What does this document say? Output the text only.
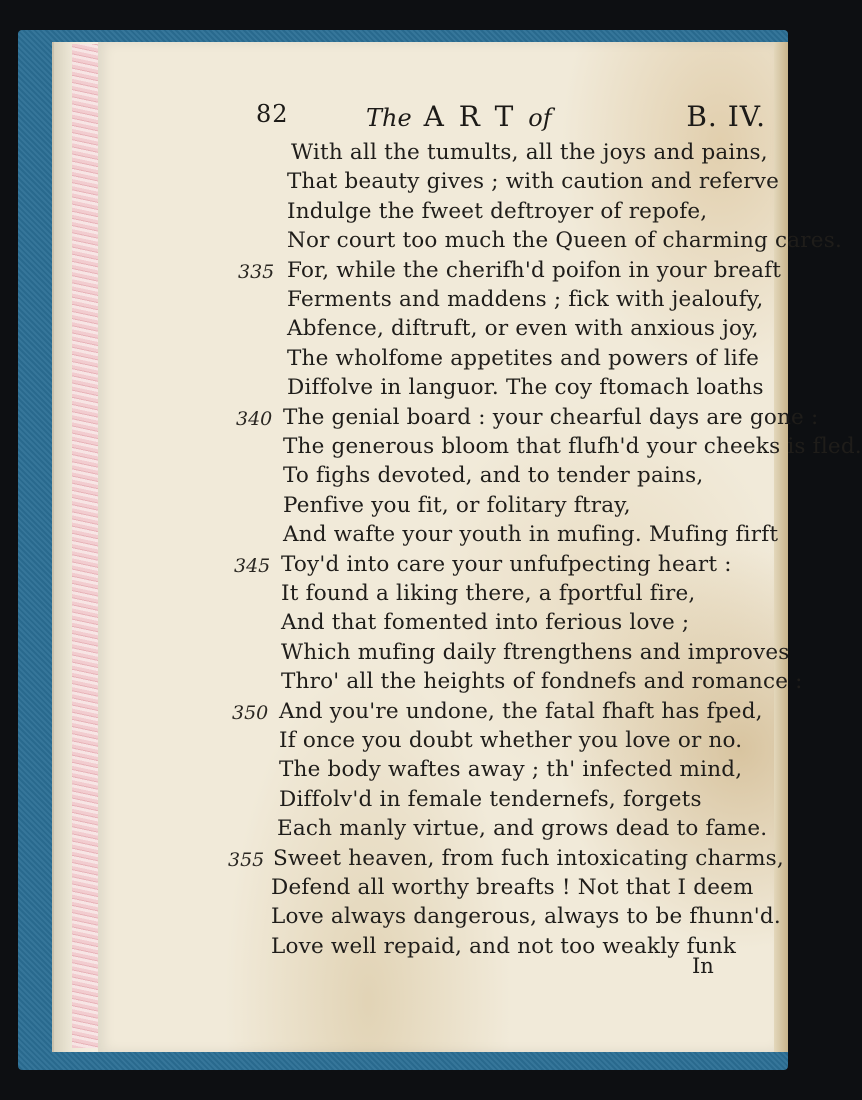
82	The A R T of	B. IV.
With all the tumults, all the joys and pains,
That beauty gives ; with caution and referve
Indulge the fweet deftroyer of repofe,
Nor court too much the Queen of charming cares.
For, while the cherifh'd poifon in your breaft
Ferments and maddens ; fick with jealoufy,
Abfence, diftruft, or even with anxious joy,
The wholfome appetites and powers of life
Diffolve in languor. The coy ftomach loaths
The genial board : your chearful days are gone :
The generous bloom that flufh'd your cheeks is fled.
To fighs devoted, and to tender pains,
Penfive you fit, or folitary ftray,
And wafte your youth in mufing. Mufing firft
Toy'd into care your unfufpecting heart :
It found a liking there, a fportful fire,
And that fomented into ferious love ;
Which mufing daily ftrengthens and improves
Thro' all the heights of fondnefs and romance :
And you're undone, the fatal fhaft has fped,
If once you doubt whether you love or no.
The body waftes away ; th' infected mind,
Diffolv'd in female tendernefs, forgets
Each manly virtue, and grows dead to fame.
Sweet heaven, from fuch intoxicating charms,
Defend all worthy breafts ! Not that I deem
335
340
345
350
355
Love always dangerous, always to be fhunn'd.
Love well repaid, and not too weakly funk
In
